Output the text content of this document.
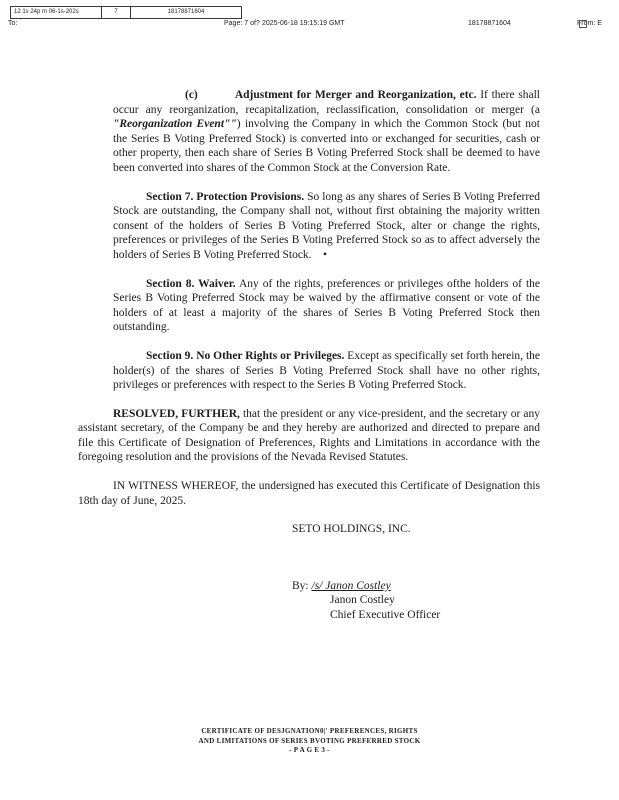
12 1s 24p m 06-1s-202s	7	18178871604
To:	Page: 7 of? 2025-06-18 19:15:19 GMT	18178871604	From: E

(c)	Adjustment for Merger and Reorganization, etc. If there shall occur any reorganization, recapitalization, reclassification, consolidation or merger (a "Reorganization Event"") involving the Company in which the Common Stock (but not the Series B Voting Preferred Stock) is converted into or exchanged for securities, cash or other property, then each share of Series B Voting Preferred Stock shall be deemed to have been converted into shares of the Common Stock at the Conversion Rate.

Section 7. Protection Provisions. So long as any shares of Series B Voting Preferred Stock are outstanding, the Company shall not, without first obtaining the majority written consent of the holders of Series B Voting Preferred Stock, alter or change the rights, preferences or privileges of the Series B Voting Preferred Stock so as to affect adversely the holders of Series B Voting Preferred Stock.    •

Section 8. Waiver. Any of the rights, preferences or privileges ofthe holders of the Series B Voting Preferred Stock may be waived by the affirmative consent or vote of the holders of at least a majority of the shares of Series B Voting Preferred Stock then outstanding.

Section 9. No Other Rights or Privileges. Except as specifically set forth herein, the holder(s) of the shares of Series B Voting Preferred Stock shall have no other rights, privileges or preferences with respect to the Series B Voting Preferred Stock.

RESOLVED, FURTHER, that the president or any vice-president, and the secretary or any assistant secretary, of the Company be and they hereby are authorized and directed to prepare and file this Certificate of Designation of Preferences, Rights and Limitations in accordance with the foregoing resolution and the provisions of the Nevada Revised Statutes.

IN WITNESS WHEREOF, the undersigned has executed this Certificate of Designation this 18th day of June, 2025.

SETO HOLDINGS, INC.

By: /s/ Janon Costley

Janon Costley

Chief Executive Officer

CERTIFICATE OF DESJGNATION0|' PREFERENCES, RIGHTS
AND LIMITATIONS OF SERIES BVOTING PREFERRED STOCK
- P A G E 3 -
